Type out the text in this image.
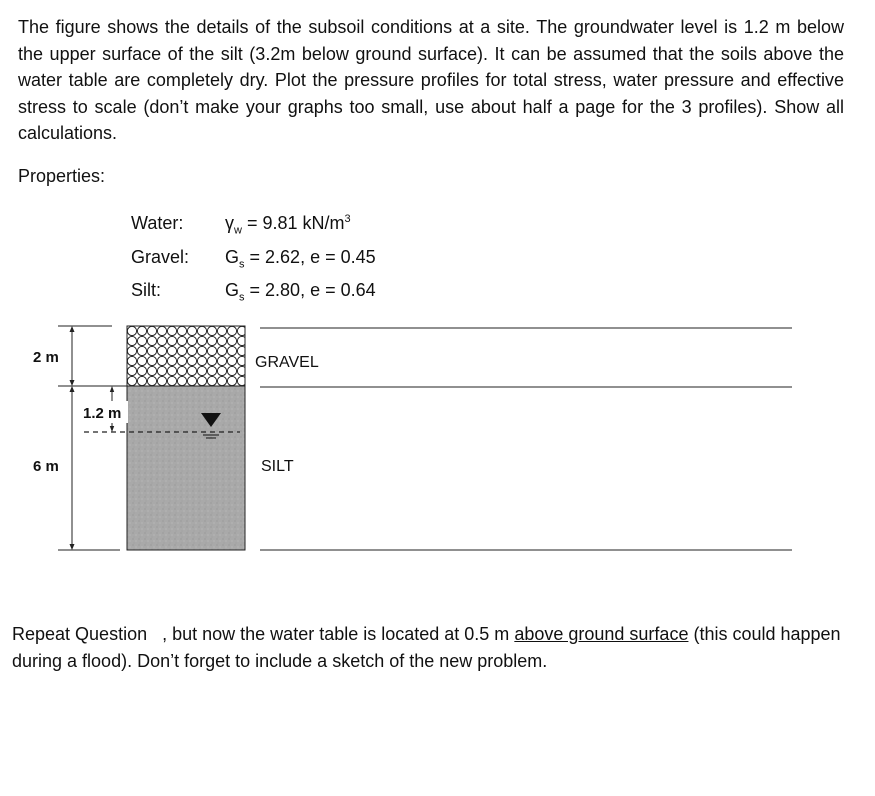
The figure shows the details of the subsoil conditions at a site. The groundwater level is 1.2 m below the upper surface of the silt (3.2m below ground surface). It can be assumed that the soils above the water table are completely dry. Plot the pressure profiles for total stress, water pressure and effective stress to scale (don’t make your graphs too small, use about half a page for the 3 profiles). Show all calculations.
Properties:
Water: $\gamma_w = 9.81$ $kN/m^3$
Gravel: $G_s = 2.62$, e = 0.45
Silt:	$G_s = 2.80$, e = 0.64
2 m
6 m
1.2 m
GRAVEL
SILT
Repeat Question , but now the water table is located at 0.5 m above ground surface (this could happen during a flood). Don’t forget to include a sketch of the new problem.
